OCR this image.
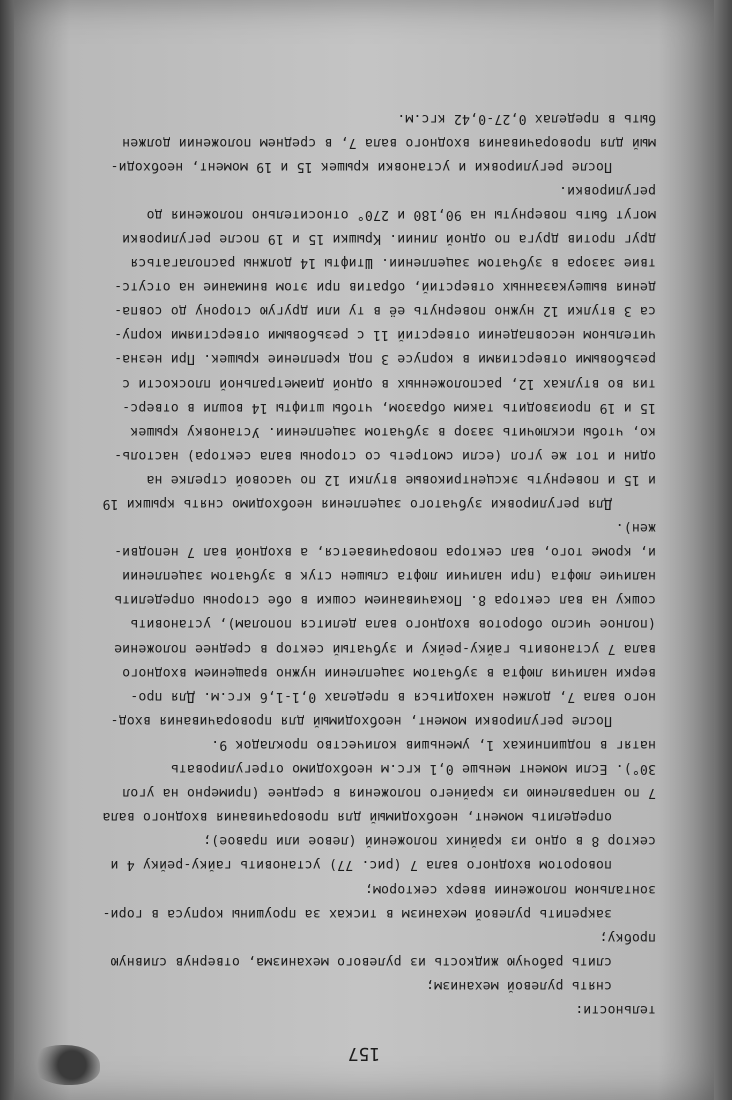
157
тельности:
снять рулевой механизм;
слить рабочую жидкость из рулевого механизма, отвернув сливную
пробку;
закрепить рулевой механизм в тисках за проушины корпуса в гори-
зонтальном положении вверх сектором;
поворотом входного вала 7 (рис. 77) установить гайку-рейку 4 и
сектор 8 в одно из крайних положений (левое или правое);
определить момент, необходимый для проворачивания входного вала
7 по направлению из крайнего положения в среднее (примерно на угол
30°). Если момент меньше 0,1 кгс.м необходимо отрегулировать
натяг в подшипниках 1, уменьшив количество прокладок 9.
После регулировки момент, необходимый для проворачивания вход-
ного вала 7, должен находиться в пределах 0,1-1,6 кгс.м. Для про-
верки наличия люфта в зубчатом зацеплении нужно вращением входного
вала 7 установить гайку-рейку и зубчатый сектор в среднее положение
(полное число оборотов входного вала делится пополам), установить
сошку на вал сектора 8. Покачиванием сошки в обе стороны определить
наличие люфта (при наличии люфта слышен стук в зубчатом зацеплении
и, кроме того, вал сектора поворачивается, а входной вал 7 неподви-
жен).
Для регулировки зубчатого зацепления необходимо снять крышки 19
и 15 и повернуть эксцентриковые втулки 12 по часовой стрелке на
один и тот же угол (если смотреть со стороны вала сектора) настоль-
ко, чтобы исключить зазор в зубчатом зацеплении. Установку крышек
15 и 19 производить таким образом, чтобы штифты 14 вошли в отверс-
тия во втулках 12, расположенных в одной диаметральной плоскости с
резьбовыми отверстиями в корпусе 3 под крепление крышек. При незна-
чительном несовпадении отверстий 11 с резьбовыми отверстиями корпу-
са 3 втулки 12 нужно повернуть её в ту или другую сторону до совпа-
дения вышеуказанных отверстий, обратив при этом внимание на отсутс-
твие зазора в зубчатом зацеплении. Штифты 14 должны располагаться
друг против друга по одной линии. Крышки 15 и 19 после регулировки
могут быть повернуты на 90,180 и 270° относительно положения до
регулировки.
После регулировки и установки крышек 15 и 19 момент, необходи-
мый для проворачивания входного вала 7, в среднем положении должен
быть в пределах 0,27-0,42 кгс.м.
